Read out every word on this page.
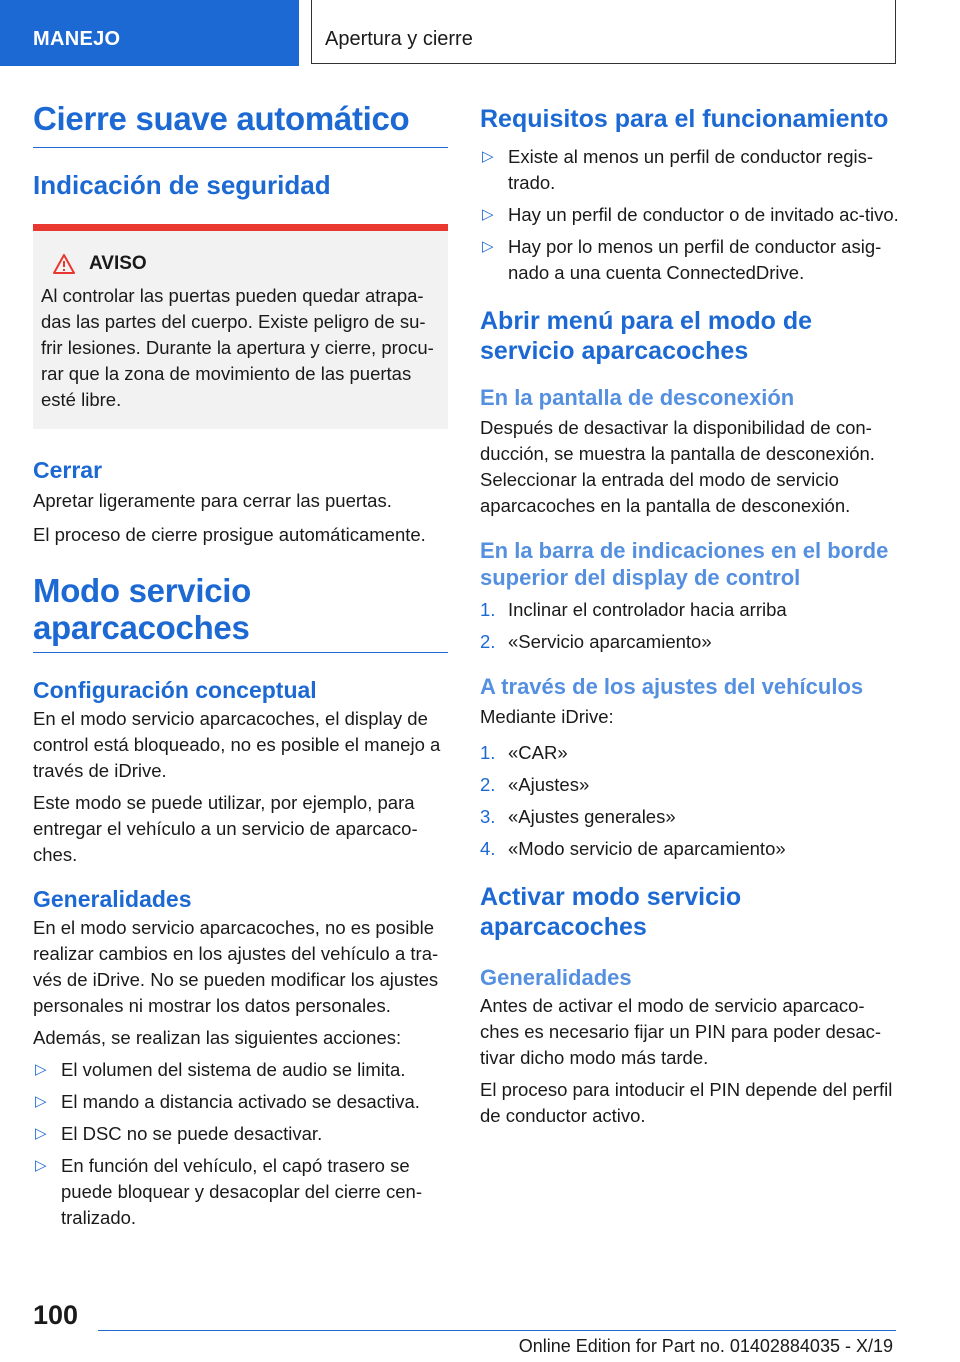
MANEJO	Apertura y cierre
Cierre suave automático
Indicación de seguridad
AVISO

Al controlar las puertas pueden quedar atrapa-das las partes del cuerpo. Existe peligro de su-frir lesiones. Durante la apertura y cierre, procu-rar que la zona de movimiento de las puertas esté libre.

Cerrar

Apretar ligeramente para cerrar las puertas.

El proceso de cierre prosigue automáticamente.

Modo servicio aparcacoches
Configuración conceptual

En el modo servicio aparcacoches, el display de control está bloqueado, no es posible el manejo a través de iDrive.

Este modo se puede utilizar, por ejemplo, para entregar el vehículo a un servicio de aparcaco-ches.

Generalidades

En el modo servicio aparcacoches, no es posible realizar cambios en los ajustes del vehículo a tra-vés de iDrive. No se pueden modificar los ajustes personales ni mostrar los datos personales.

Además, se realizan las siguientes acciones:

▷ El volumen del sistema de audio se limita.
▷ El mando a distancia activado se desactiva.
▷ El DSC no se puede desactivar.
▷ En función del vehículo, el capó trasero se puede bloquear y desacoplar del cierre cen-tralizado.
Requisitos para el funcionamiento
▷ Existe al menos un perfil de conductor regis-trado.
▷ Hay un perfil de conductor o de invitado ac-tivo.
▷ Hay por lo menos un perfil de conductor asig-nado a una cuenta ConnectedDrive.
Abrir menú para el modo de servicio aparcacoches
En la pantalla de desconexión

Después de desactivar la disponibilidad de con-ducción, se muestra la pantalla de desconexión. Seleccionar la entrada del modo de servicio aparcacoches en la pantalla de desconexión.

En la barra de indicaciones en el borde superior del display de control
1. Inclinar el controlador hacia arriba
2. «Servicio aparcamiento»
A través de los ajustes del vehículos

Mediante iDrive:

1. «CAR»
2. «Ajustes»
3. «Ajustes generales»
4. «Modo servicio de aparcamiento»
Activar modo servicio aparcacoches
Generalidades

Antes de activar el modo de servicio aparcaco-ches es necesario fijar un PIN para poder desac-tivar dicho modo más tarde.

El proceso para intoducir el PIN depende del perfil de conductor activo.

100
Online Edition for Part no. 01402884035 - X/19
